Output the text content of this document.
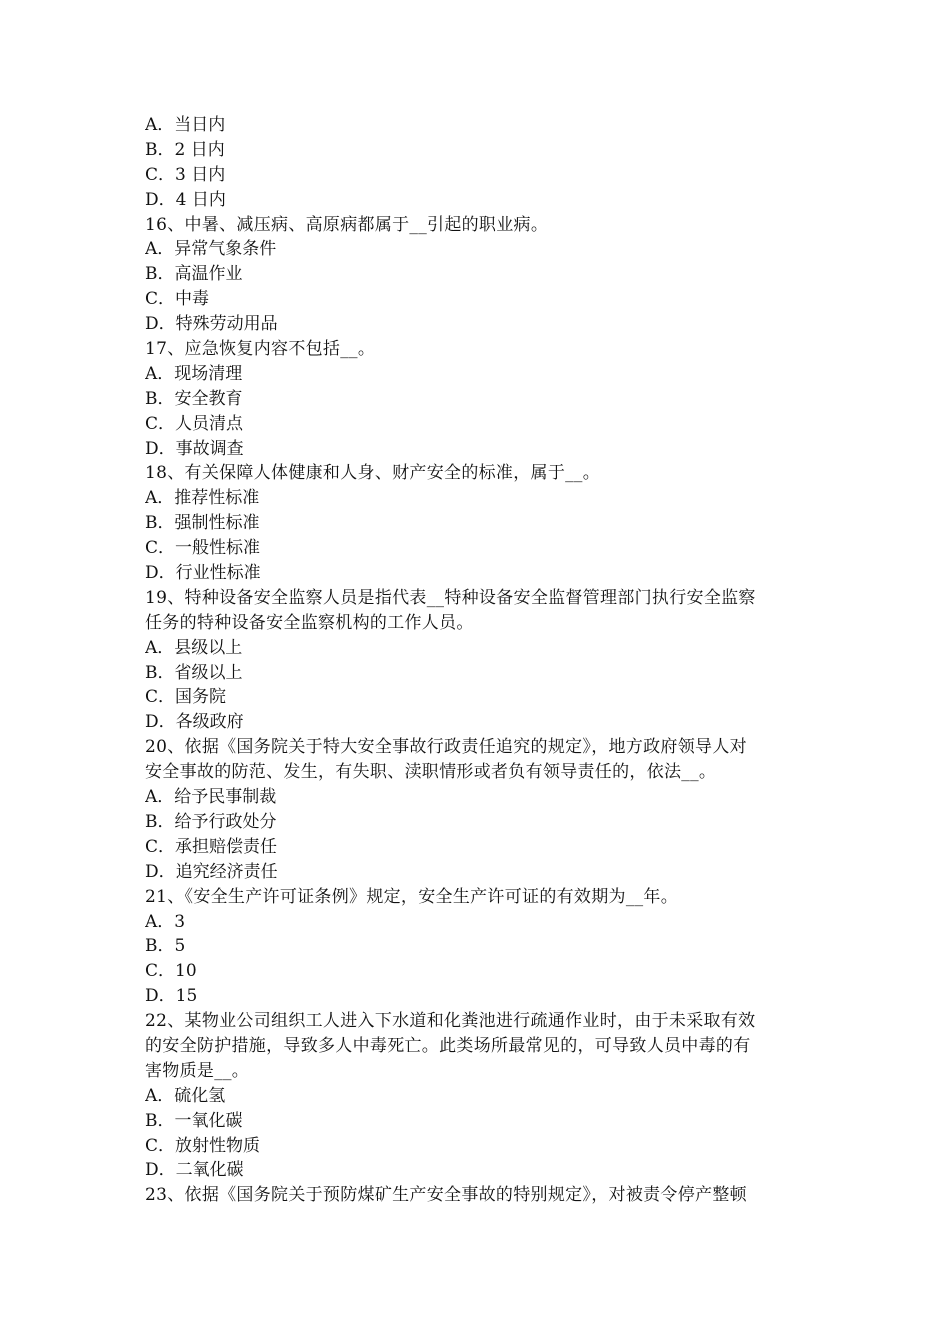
A．当日内
B．2 日内
C．3 日内
D．4 日内
16、中暑、减压病、高原病都属于__引起的职业病。
A．异常气象条件
B．高温作业
C．中毒
D．特殊劳动用品
17、应急恢复内容不包括__。
A．现场清理
B．安全教育
C．人员清点
D．事故调查
18、有关保障人体健康和人身、财产安全的标准，属于__。
A．推荐性标准
B．强制性标准
C．一般性标准
D．行业性标准
19、特种设备安全监察人员是指代表__特种设备安全监督管理部门执行安全监察
任务的特种设备安全监察机构的工作人员。
A．县级以上
B．省级以上
C．国务院
D．各级政府
20、依据《国务院关于特大安全事故行政责任追究的规定》，地方政府领导人对
安全事故的防范、发生，有失职、渎职情形或者负有领导责任的，依法__。
A．给予民事制裁
B．给予行政处分
C．承担赔偿责任
D．追究经济责任
21、《安全生产许可证条例》规定，安全生产许可证的有效期为__年。
A．3
B．5
C．10
D．15
22、某物业公司组织工人进入下水道和化粪池进行疏通作业时，由于未采取有效
的安全防护措施，导致多人中毒死亡。此类场所最常见的，可导致人员中毒的有
害物质是__。
A．硫化氢
B．一氧化碳
C．放射性物质
D．二氧化碳
23、依据《国务院关于预防煤矿生产安全事故的特别规定》，对被责令停产整顿
